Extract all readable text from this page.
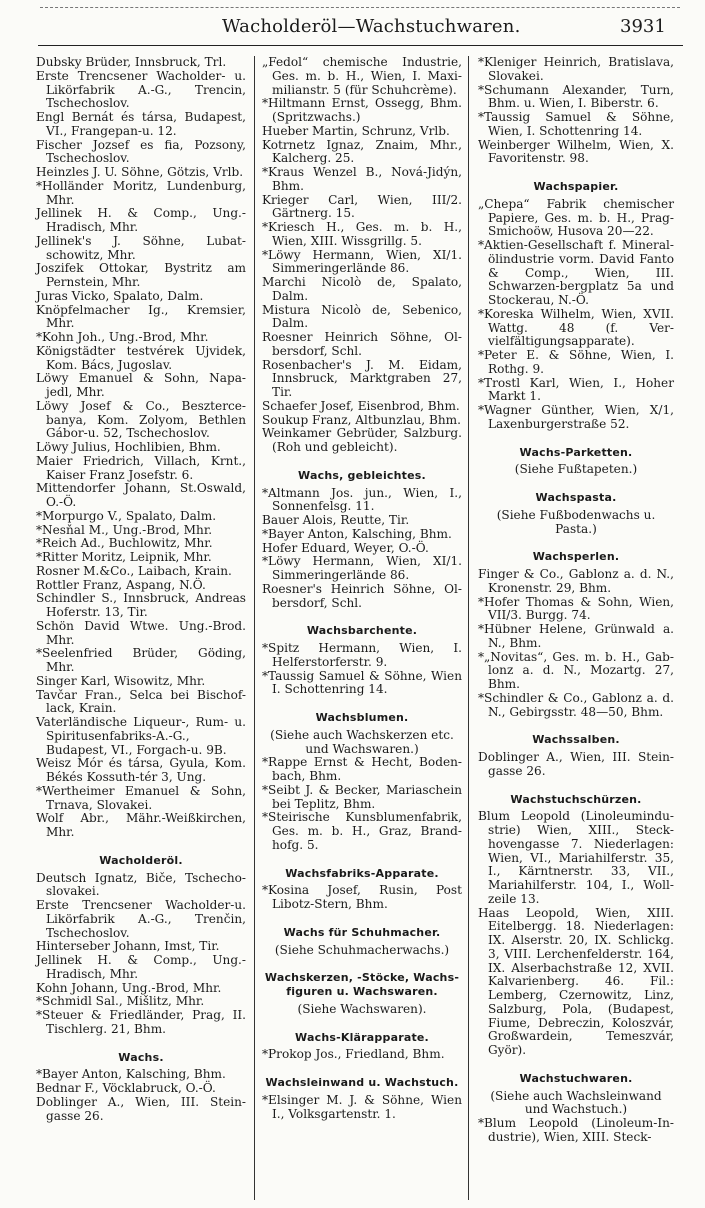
Wacholderöl—Wachstuchwaren.	3931
Dubsky Brüder, Innsbruck, Trl.
Erste Trencsener Wacholder- u. Likörfabrik A.-G., Trencin, Tschechoslov.
Engl Bernát és társa, Budapest, VI., Frangepan-u. 12.
Fischer Jozsef es fia, Pozsony, Tschechoslov.
Heinzles J. U. Söhne, Götzis, Vrlb.
*Holländer Moritz, Lundenburg, Mhr.
Jellinek H. & Comp., Ung.-Hradisch, Mhr.
Jellinek's J. Söhne, Lubat-schowitz, Mhr.
Joszifek Ottokar, Bystritz am Pernstein, Mhr.
Juras Vicko, Spalato, Dalm.
Knöpfelmacher Ig., Kremsier, Mhr.
*Kohn Joh., Ung.-Brod, Mhr.
Königstädter testvérek Ujvidek, Kom. Bács, Jugoslav.
Löwy Emanuel & Sohn, Napa-jedl, Mhr.
Löwy Josef & Co., Beszterce-banya, Kom. Zolyom, Bethlen Gábor-u. 52, Tschechoslov.
Löwy Julius, Hochlibien, Bhm.
Maier Friedrich, Villach, Krnt., Kaiser Franz Josefstr. 6.
Mittendorfer Johann, St.Oswald, O.-Ö.
*Morpurgo V., Spalato, Dalm.
*Nesňal M., Ung.-Brod, Mhr.
*Reich Ad., Buchlowitz, Mhr.
*Ritter Moritz, Leipnik, Mhr.
Rosner M.&Co., Laibach, Krain.
Rottler Franz, Aspang, N.Ö.
Schindler S., Innsbruck, Andreas Hoferstr. 13, Tir.
Schön David Wtwe. Ung.-Brod. Mhr.
*Seelenfried Brüder, Göding, Mhr.
Singer Karl, Wisowitz, Mhr.
Tavčar Fran., Selca bei Bischof-lack, Krain.
Vaterländische Liqueur-, Rum- u. Spiritusenfabriks-A.-G., Budapest, VI., Forgach-u. 9B.
Weisz Mór és társa, Gyula, Kom. Békés Kossuth-tér 3, Ung.
*Wertheimer Emanuel & Sohn, Trnava, Slovakei.
Wolf Abr., Mähr.-Weißkirchen, Mhr.
Wacholderöl.
Deutsch Ignatz, Biče, Tschecho-slovakei.
Erste Trencsener Wacholder-u. Likörfabrik A.-G., Trenčin, Tschechoslov.
Hinterseber Johann, Imst, Tir.
Jellinek H. & Comp., Ung.-Hradisch, Mhr.
Kohn Johann, Ung.-Brod, Mhr.
*Schmidl Sal., Mišlitz, Mhr.
*Steuer & Friedländer, Prag, II. Tischlerg. 21, Bhm.
Wachs.
*Bayer Anton, Kalsching, Bhm.
Bednar F., Vöcklabruck, O.-Ö.
Doblinger A., Wien, III. Stein-gasse 26.
„Fedol“ chemische Industrie, Ges. m. b. H., Wien, I. Maxi-milianstr. 5 (für Schuhcrème).
*Hiltmann Ernst, Ossegg, Bhm. (Spritzwachs.)
Hueber Martin, Schrunz, Vrlb.
Kotrnetz Ignaz, Znaim, Mhr., Kalcherg. 25.
*Kraus Wenzel B., Nová-Jidýn, Bhm.
Krieger Carl, Wien, III/2. Gärtnerg. 15.
*Kriesch H., Ges. m. b. H., Wien, XIII. Wissgrillg. 5.
*Löwy Hermann, Wien, XI/1. Simmeringerlände 86.
Marchi Nicolò de, Spalato, Dalm.
Mistura Nicolò de, Sebenico, Dalm.
Roesner Heinrich Söhne, Ol-bersdorf, Schl.
Rosenbacher's J. M. Eidam, Innsbruck, Marktgraben 27, Tir.
Schaefer Josef, Eisenbrod, Bhm.
Soukup Franz, Altbunzlau, Bhm.
Weinkamer Gebrüder, Salzburg. (Roh und gebleicht).
Wachs, gebleichtes.
*Altmann Jos. jun., Wien, I., Sonnenfelsg. 11.
Bauer Alois, Reutte, Tir.
*Bayer Anton, Kalsching, Bhm.
Hofer Eduard, Weyer, O.-Ö.
*Löwy Hermann, Wien, XI/1. Simmeringerlände 86.
Roesner's Heinrich Söhne, Ol-bersdorf, Schl.
Wachsbarchente.
*Spitz Hermann, Wien, I. Helferstorferstr. 9.
*Taussig Samuel & Söhne, Wien I. Schottenring 14.
Wachsblumen.
(Siehe auch Wachskerzen etc. und Wachswaren.)
*Rappe Ernst & Hecht, Boden-bach, Bhm.
*Seibt J. & Becker, Mariaschein bei Teplitz, Bhm.
*Steirische Kunsblumenfabrik, Ges. m. b. H., Graz, Brand-hofg. 5.
Wachsfabriks-Apparate.
*Kosina Josef, Rusin, Post Libotz-Stern, Bhm.
Wachs für Schuhmacher.
(Siehe Schuhmacherwachs.)
Wachskerzen, -Stöcke, Wachs-figuren u. Wachswaren.
(Siehe Wachswaren).
Wachs-Klärapparate.
*Prokop Jos., Friedland, Bhm.
Wachsleinwand u. Wachstuch.
*Elsinger M. J. & Söhne, Wien I., Volksgartenstr. 1.
*Kleniger Heinrich, Bratislava, Slovakei.
*Schumann Alexander, Turn, Bhm. u. Wien, I. Biberstr. 6.
*Taussig Samuel & Söhne, Wien, I. Schottenring 14.
Weinberger Wilhelm, Wien, X. Favoritenstr. 98.
Wachspapier.
„Chepa“ Fabrik chemischer Papiere, Ges. m. b. H., Prag-Smichoöw, Husova 20—22.
*Aktien-Gesellschaft f. Mineral-ölindustrie vorm. David Fanto & Comp., Wien, III. Schwarzen-bergplatz 5a und Stockerau, N.-Ö.
*Koreska Wilhelm, Wien, XVII. Wattg. 48 (f. Ver-vielfältigungsapparate).
*Peter E. & Söhne, Wien, I. Rothg. 9.
*Trostl Karl, Wien, I., Hoher Markt 1.
*Wagner Günther, Wien, X/1, Laxenburgerstraße 52.
Wachs-Parketten.
(Siehe Fußtapeten.)
Wachspasta.
(Siehe Fußbodenwachs u. Pasta.)
Wachsperlen.
Finger & Co., Gablonz a. d. N., Kronenstr. 29, Bhm.
*Hofer Thomas & Sohn, Wien, VII/3. Burgg. 74.
*Hübner Helene, Grünwald a. N., Bhm.
*„Novitas“, Ges. m. b. H., Gab-lonz a. d. N., Mozartg. 27, Bhm.
*Schindler & Co., Gablonz a. d. N., Gebirgsstr. 48—50, Bhm.
Wachssalben.
Doblinger A., Wien, III. Stein-gasse 26.
Wachstuchschürzen.
Blum Leopold (Linoleumindu-strie) Wien, XIII., Steck-hovengasse 7. Niederlagen: Wien, VI., Mariahilferstr. 35, I., Kärntnerstr. 33, VII., Mariahilferstr. 104, I., Woll-zeile 13.
Haas Leopold, Wien, XIII. Eitelbergg. 18. Niederlagen: IX. Alserstr. 20, IX. Schlickg. 3, VIII. Lerchenfelderstr. 164, IX. Alserbachstraße 12, XVII. Kalvarienberg. 46. Fil.: Lemberg, Czernowitz, Linz, Salzburg, Pola, (Budapest, Fiume, Debreczin, Koloszvár, Großwardein, Temeszvár, Györ).
Wachstuchwaren.
(Siehe auch Wachsleinwand und Wachstuch.)
*Blum Leopold (Linoleum-In-dustrie), Wien, XIII. Steck-
